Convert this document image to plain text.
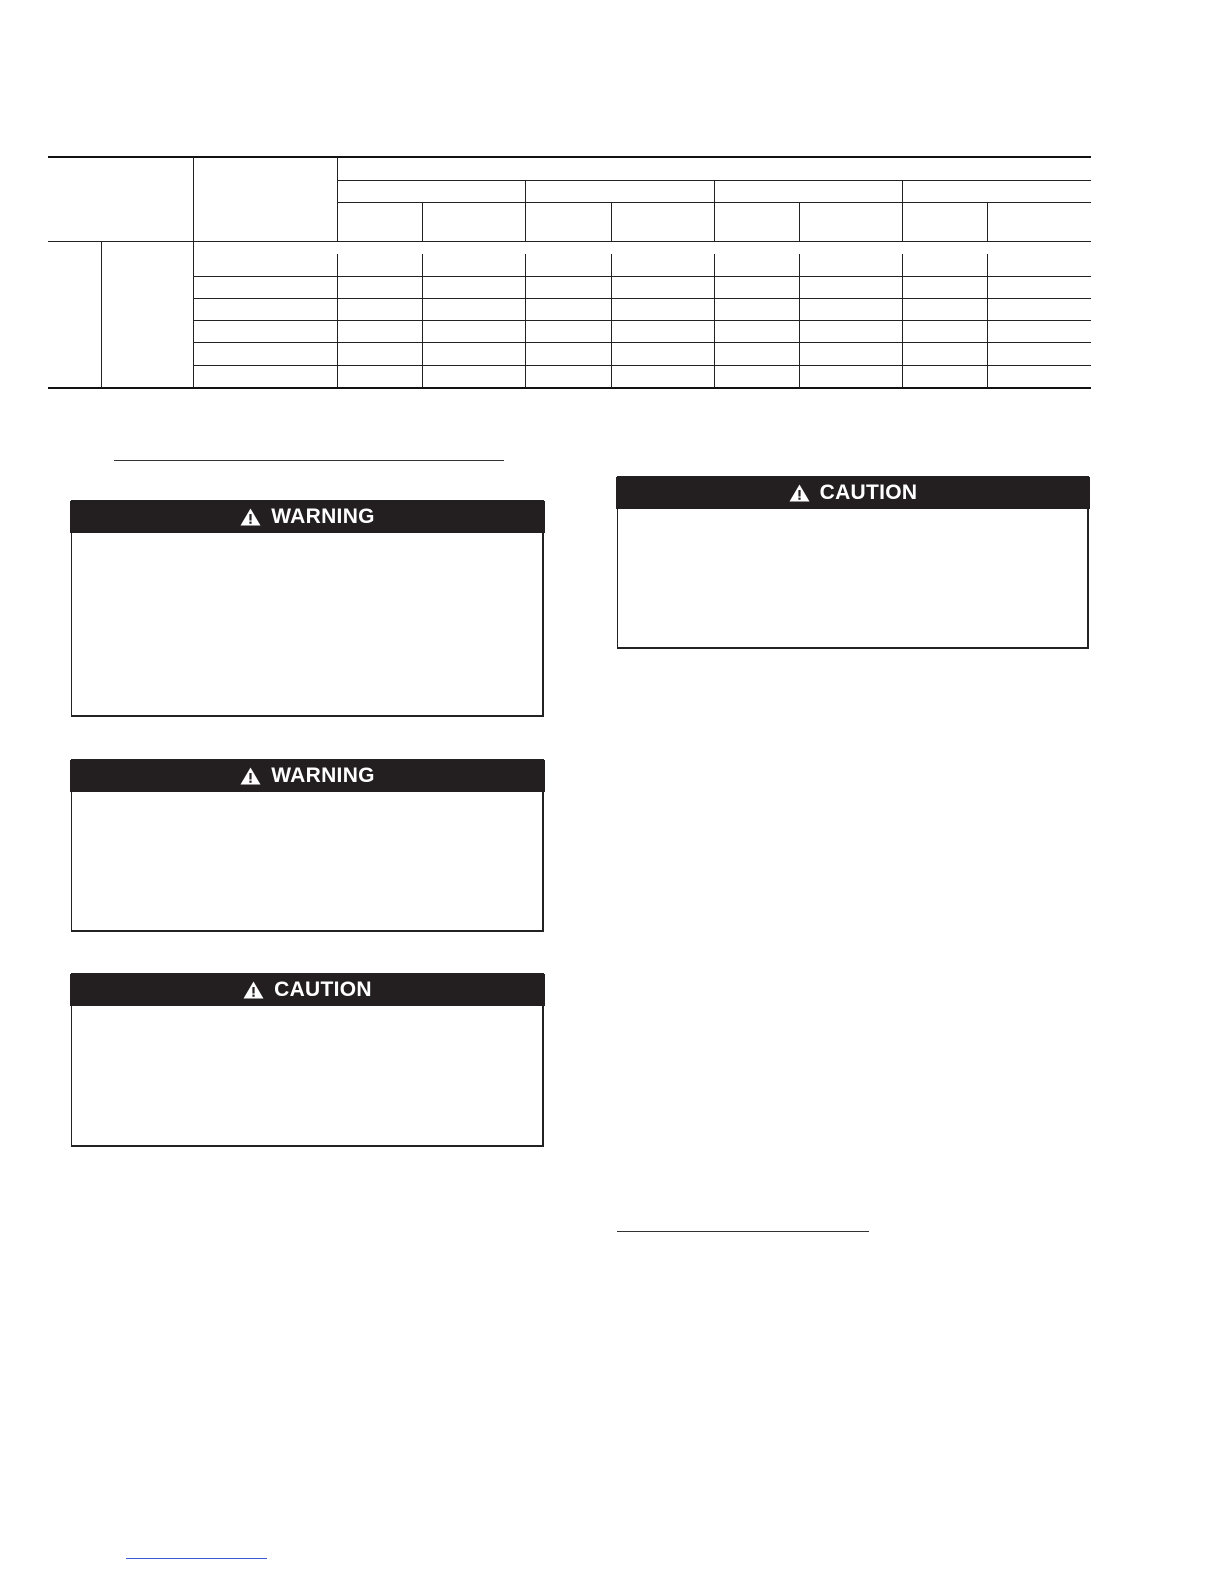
WARNING
WARNING
CAUTION
CAUTION
